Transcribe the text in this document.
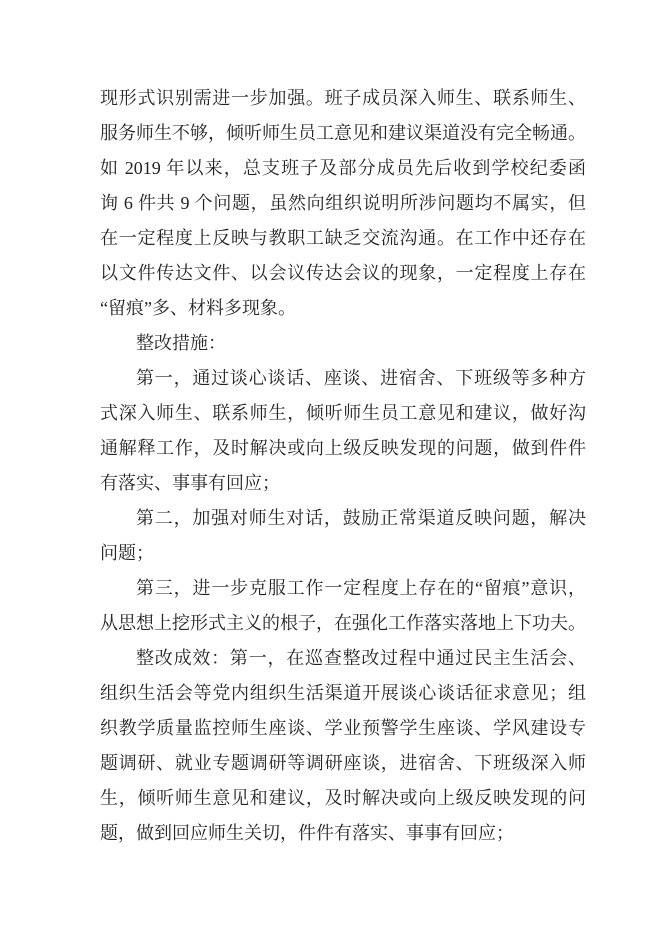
现形式识别需进一步加强。班子成员深入师生、联系师生、
服务师生不够，倾听师生员工意见和建议渠道没有完全畅通。
如 2019 年以来，总支班子及部分成员先后收到学校纪委函
询 6 件共 9 个问题，虽然向组织说明所涉问题均不属实，但
在一定程度上反映与教职工缺乏交流沟通。在工作中还存在
以文件传达文件、以会议传达会议的现象，一定程度上存在
“留痕”多、材料多现象。
整改措施：
第一，通过谈心谈话、座谈、进宿舍、下班级等多种方
式深入师生、联系师生，倾听师生员工意见和建议，做好沟
通解释工作，及时解决或向上级反映发现的问题，做到件件
有落实、事事有回应；
第二，加强对师生对话，鼓励正常渠道反映问题，解决
问题；
第三，进一步克服工作一定程度上存在的“留痕”意识，
从思想上挖形式主义的根子，在强化工作落实落地上下功夫。
整改成效：第一，在巡查整改过程中通过民主生活会、
组织生活会等党内组织生活渠道开展谈心谈话征求意见；组
织教学质量监控师生座谈、学业预警学生座谈、学风建设专
题调研、就业专题调研等调研座谈，进宿舍、下班级深入师
生，倾听师生意见和建议，及时解决或向上级反映发现的问
题，做到回应师生关切，件件有落实、事事有回应；
